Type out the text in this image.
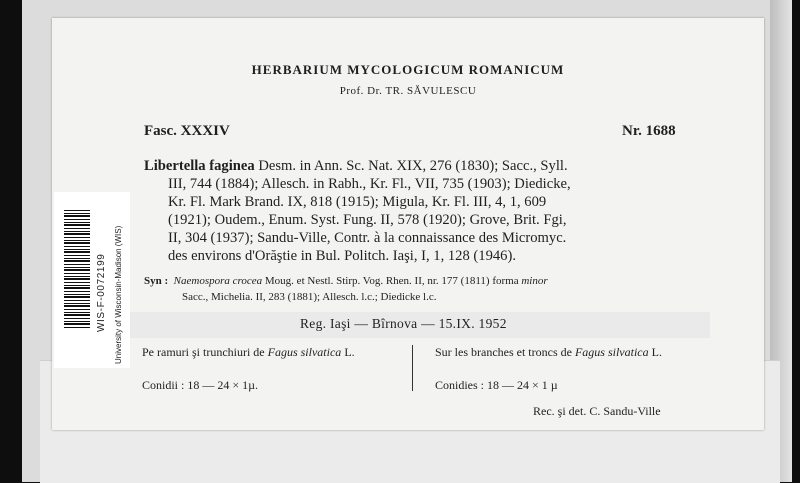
HERBARIUM MYCOLOGICUM ROMANICUM
Prof. Dr. TR. SĂVULESCU
Fasc. XXXIV	Nr. 1688
Libertella faginea Desm. in Ann. Sc. Nat. XIX, 276 (1830); Sacc., Syll.
III, 744 (1884); Allesch. in Rabh., Kr. Fl., VII, 735 (1903); Diedicke,
Kr. Fl. Mark Brand. IX, 818 (1915); Migula, Kr. Fl. III, 4, 1, 609
(1921); Oudem., Enum. Syst. Fung. II, 578 (1920); Grove, Brit. Fgi,
II, 304 (1937); Sandu-Ville, Contr. à la connaissance des Micromyc.
des environs d'Orăştie in Bul. Politch. Iaşi, I, 1, 128 (1946).
Syn : Naemospora crocea Moug. et Nestl. Stirp. Vog. Rhen. II, nr. 177 (1811) forma minor
Sacc., Michelia. II, 283 (1881); Allesch. l.c.; Diedicke l.c.
Reg. Iaşi — Bîrnova — 15.IX. 1952
Pe ramuri şi trunchiuri de Fagus silvatica L.
Conidii : 18 — 24 × 1µ.
Sur les branches et troncs de Fagus silvatica L.
Conidies : 18 — 24 × 1 µ
Rec. şi det. C. Sandu-Ville
WIS-F-0072199 University of Wisconsin-Madison (WIS)
